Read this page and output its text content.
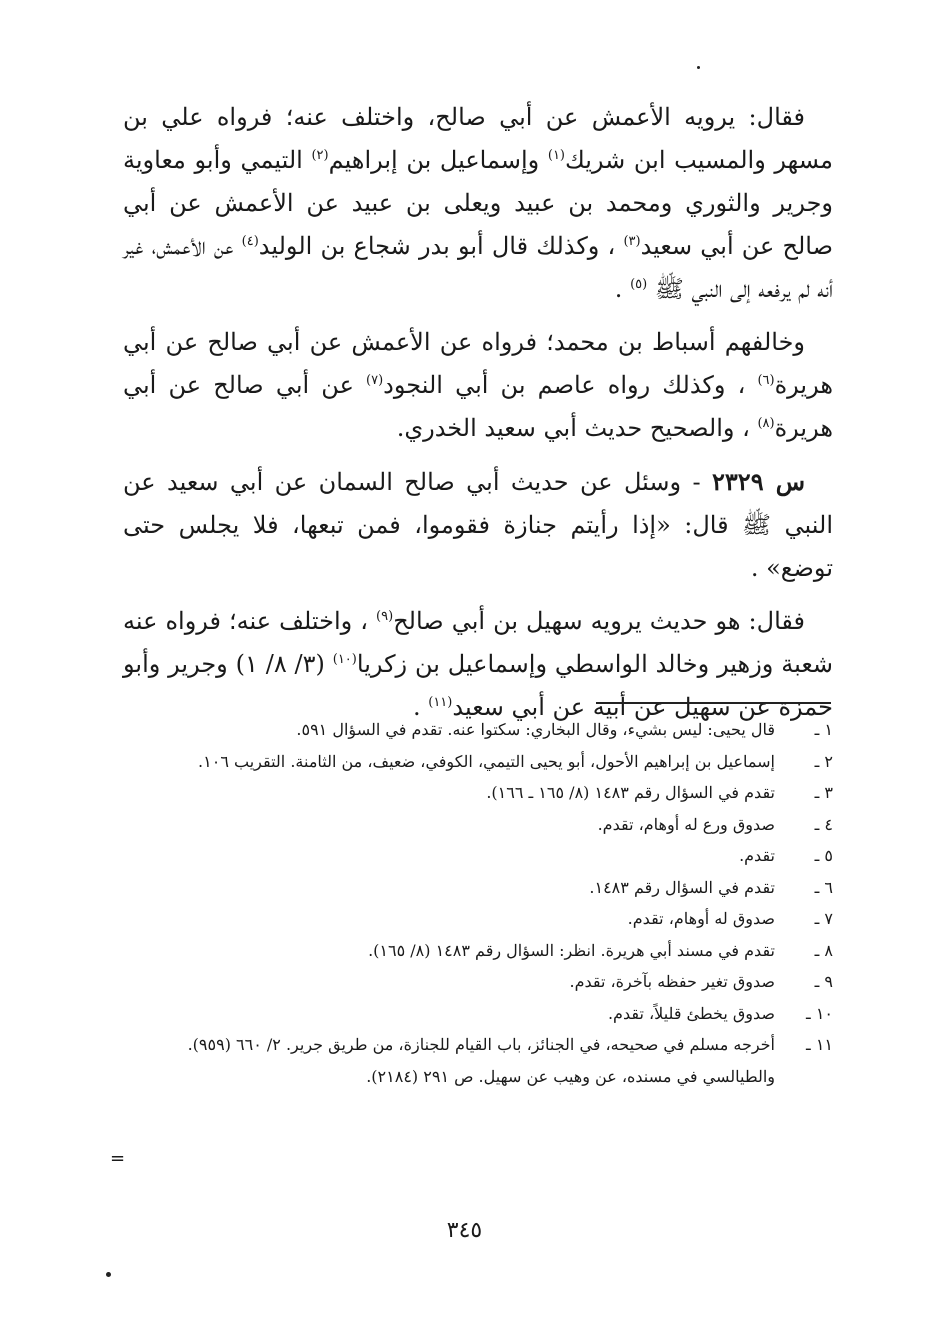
فقال: يرويه الأعمش عن أبي صالح، واختلف عنه؛ فرواه علي بن مسهر والمسيب ابن شريك$^{(١)}$ وإسماعيل بن إبراهيم$^{(٢)}$ التيمي وأبو معاوية وجرير والثوري ومحمد بن عبيد ويعلى بن عبيد عن الأعمش عن أبي صالح عن أبي سعيد$^{(٣)}$ ، وكذلك قال أبو بدر شجاع بن الوليد$^{(٤)}$ عن الأعمش، غير أنه لم يرفعه إلى النبي ﷺ $^{(٥)}$ .

وخالفهم أسباط بن محمد؛ فرواه عن الأعمش عن أبي صالح عن أبي هريرة$^{(٦)}$ ، وكذلك رواه عاصم بن أبي النجود$^{(٧)}$ عن أبي صالح عن أبي هريرة$^{(٨)}$ ، والصحيح حديث أبي سعيد الخدري.

س ٢٣٢٩ - وسئل عن حديث أبي صالح السمان عن أبي سعيد عن النبي ﷺ قال: «إذا رأيتم جنازة فقوموا، فمن تبعها، فلا يجلس حتى توضع» .

فقال: هو حديث يرويه سهيل بن أبي صالح$^{(٩)}$ ، واختلف عنه؛ فرواه عنه شعبة وزهير وخالد الواسطي وإسماعيل بن زكريا$^{(١٠)}$ (٣/ ٨/ ١) وجرير وأبو حمزة عن سهيل عن أبيه عن أبي سعيد$^{(١١)}$ .

١ ـ
قال يحيى: ليس بشيء، وقال البخاري: سكتوا عنه. تقدم في السؤال ٥٩١.
٢ ـ
إسماعيل بن إبراهيم الأحول، أبو يحيى التيمي، الكوفي، ضعيف، من الثامنة. التقريب ١٠٦.
٣ ـ
تقدم في السؤال رقم ١٤٨٣ (٨/ ١٦٥ ـ ١٦٦).
٤ ـ
صدوق ورع له أوهام، تقدم.
٥ ـ
تقدم.
٦ ـ
تقدم في السؤال رقم ١٤٨٣.
٧ ـ
صدوق له أوهام، تقدم.
٨ ـ
تقدم في مسند أبي هريرة. انظر: السؤال رقم ١٤٨٣ (٨/ ١٦٥).
٩ ـ
صدوق تغير حفظه بآخرة، تقدم.
١٠ ـ
صدوق يخطئ قليلاً، تقدم.
١١ ـ
أخرجه مسلم في صحيحه، في الجنائز، باب القيام للجنازة، من طريق جرير. ٢/ ٦٦٠ (٩٥٩).
والطيالسي في مسنده، عن وهيب عن سهيل. ص ٢٩١ (٢١٨٤).
=
٣٤٥
